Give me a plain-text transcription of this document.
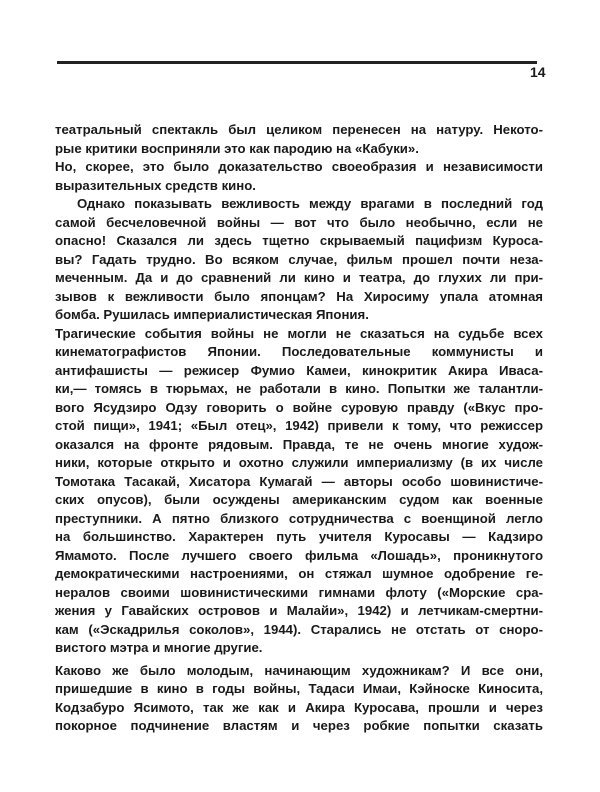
14
театральный спектакль был целиком перенесен на натуру. Некото-
рые критики восприняли это как пародию на «Кабуки».
Но, скорее, это было доказательство своеобразия и независимости
выразительных средств кино.
Однако показывать вежливость между врагами в последний год
самой бесчеловечной войны — вот что было необычно, если не
опасно! Сказался ли здесь тщетно скрываемый пацифизм Куроса-
вы? Гадать трудно. Во всяком случае, фильм прошел почти неза-
меченным. Да и до сравнений ли кино и театра, до глухих ли при-
зывов к вежливости было японцам? На Хиросиму упала атомная
бомба. Рушилась империалистическая Япония.
Трагические события войны не могли не сказаться на судьбе всех
кинематографистов Японии. Последовательные коммунисты и
антифашисты — режисер Фумио Камеи, кинокритик Акира Иваса-
ки,— томясь в тюрьмах, не работали в кино. Попытки же талантли-
вого Ясудзиро Одзу говорить о войне суровую правду («Вкус про-
стой пищи», 1941; «Был отец», 1942) привели к тому, что режиссер
оказался на фронте рядовым. Правда, те не очень многие худож-
ники, которые открыто и охотно служили империализму (в их числе
Томотака Тасакай, Хисатора Кумагай — авторы особо шовинистиче-
ских опусов), были осуждены американским судом как военные
преступники. А пятно близкого сотрудничества с военщиной легло
на большинство. Характерен путь учителя Куросавы — Кадзиро
Ямамото. После лучшего своего фильма «Лошадь», проникнутого
демократическими настроениями, он стяжал шумное одобрение ге-
нералов своими шовинистическими гимнами флоту («Морские сра-
жения у Гавайских островов и Малайи», 1942) и летчикам-смертни-
кам («Эскадрилья соколов», 1944). Старались не отстать от сноро-
вистого мэтра и многие другие.
Каково же было молодым, начинающим художникам? И все они,
пришедшие в кино в годы войны, Тадаси Имаи, Кэйноске Киносита,
Кодзабуро Ясимото, так же как и Акира Куросава, прошли и через
покорное подчинение властям и через робкие попытки сказать
